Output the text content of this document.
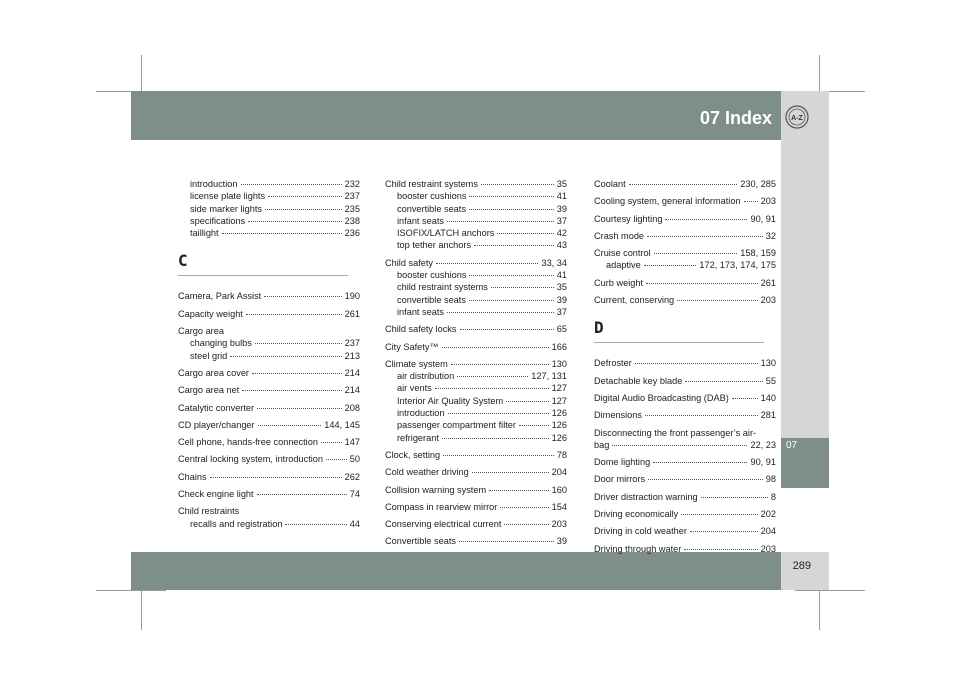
07 Index	A-Z
07
289
introduction	232
license plate lights	237
side marker lights	235
specifications	238
taillight	236
C
Camera, Park Assist	190
Capacity weight	261
Cargo area
changing bulbs	237
steel grid	213
Cargo area cover	214
Cargo area net	214
Catalytic converter	208
CD player/changer	144, 145
Cell phone, hands-free connection	147
Central locking system, introduction	50
Chains	262
Check engine light	74
Child restraints
recalls and registration	44
Child restraint systems	35
booster cushions	41
convertible seats	39
infant seats	37
ISOFIX/LATCH anchors	42
top tether anchors	43
Child safety	33, 34
booster cushions	41
child restraint systems	35
convertible seats	39
infant seats	37
Child safety locks	65
City Safety™	166
Climate system	130
air distribution	127, 131
air vents	127
Interior Air Quality System	127
introduction	126
passenger compartment filter	126
refrigerant	126
Clock, setting	78
Cold weather driving	204
Collision warning system	160
Compass in rearview mirror	154
Conserving electrical current	203
Convertible seats	39
Coolant	230, 285
Cooling system, general information 203
Courtesy lighting	90, 91
Crash mode	32
Cruise control	158, 159
adaptive	172, 173, 174, 175
Curb weight	261
Current, conserving	203
D
Defroster	130
Detachable key blade	55
Digital Audio Broadcasting (DAB)	140
Dimensions	281
Disconnecting the front passenger’s air-
bag	22, 23
Dome lighting	90, 91
Door mirrors	98
Driver distraction warning	8
Driving economically	202
Driving in cold weather	204
Driving through water	203
